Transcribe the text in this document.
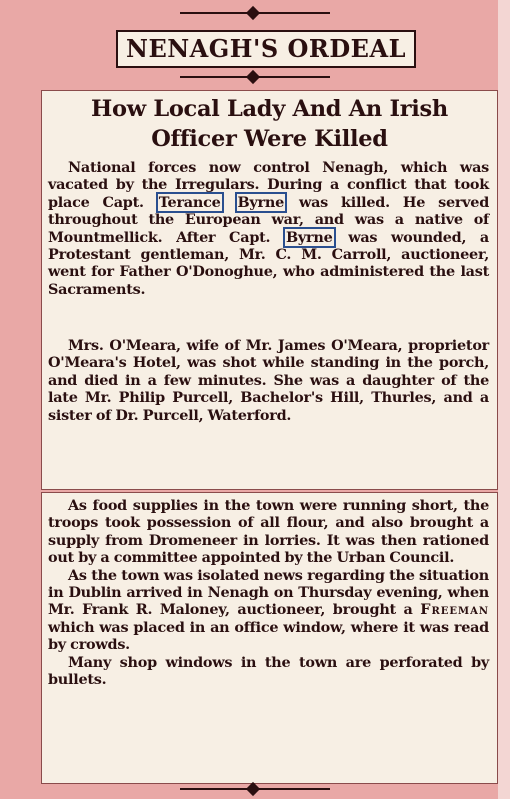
NENAGH'S ORDEAL
How Local Lady And An Irish
Officer Were Killed

National forces now control Nenagh, which was vacated by the Irregulars. During a conflict that took place Capt. Terance Byrne was killed. He served throughout the European war, and was a native of Mountmellick. After Capt. Byrne was wounded, a Protestant gentleman, Mr. C. M. Carroll, auctioneer, went for Father O'Donoghue, who administered the last Sacraments.

Mrs. O'Meara, wife of Mr. James O'Meara, proprietor O'Meara's Hotel, was shot while standing in the porch, and died in a few minutes. She was a daughter of the late Mr. Philip Purcell, Bachelor's Hill, Thurles, and a sister of Dr. Purcell, Waterford.

As food supplies in the town were running short, the troops took possession of all flour, and also brought a supply from Dromeneer in lorries. It was then rationed out by a committee appointed by the Urban Council.

As the town was isolated news regarding the situation in Dublin arrived in Nenagh on Thursday evening, when Mr. Frank R. Maloney, auctioneer, brought a Freeman which was placed in an office window, where it was read by crowds.

Many shop windows in the town are perforated by bullets.
